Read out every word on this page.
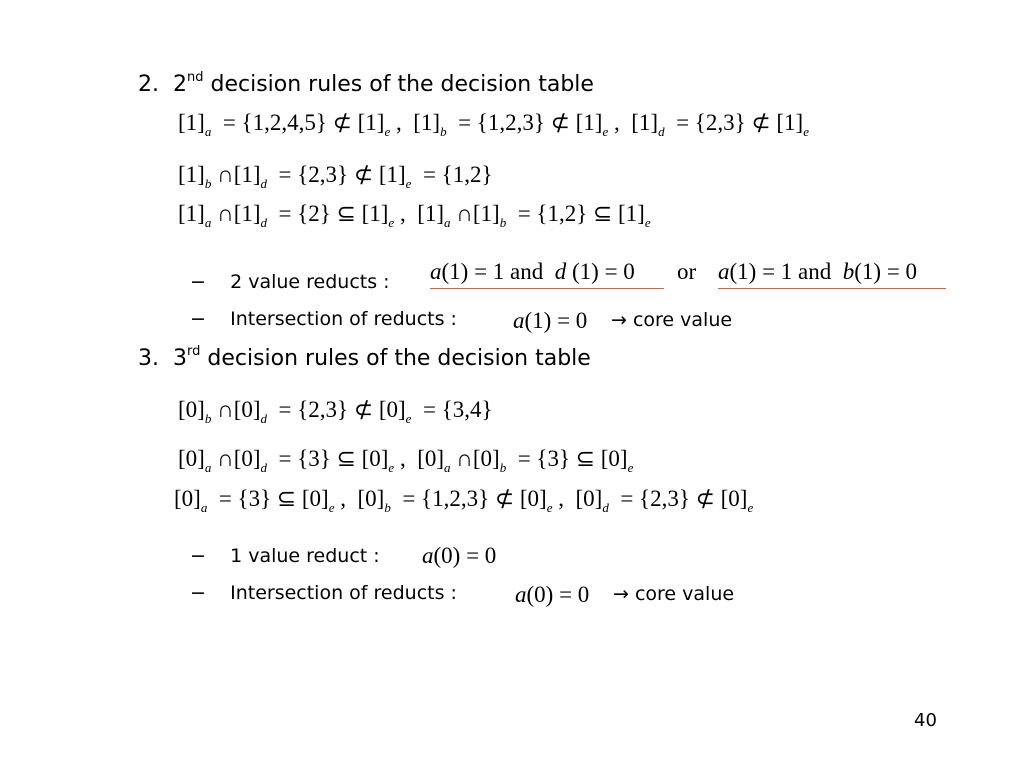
2. 2nd decision rules of the decision table
$[1]_a = \{1,2,4,5\}$ ⊄ $[1]_e$ ,  $[1]_b = \{1,2,3\}$ ⊄ $[1]_e$ ,  $[1]_d = \{2,3\}$ ⊄ $[1]_e$
$[1]_b$ $\cap[1]_d = \{2,3\}$ ⊄ $[1]_e = \{1,2\}$
$[1]_a$ $\cap[1]_d = \{2\}$ ⊆ $[1]_e$ ,  $[1]_a$ $\cap[1]_b = \{1,2\}$ ⊆ $[1]_e$
− 2 value reducts : a(1) = 1 and d (1) = 0	or a(1) = 1 and b(1) = 0
− Intersection of reducts : a(1) = 0 → core value
3. 3rd decision rules of the decision table
$[0]_b$ $\cap[0]_d = \{2,3\}$ ⊄ $[0]_e = \{3,4\}$
$[0]_a$ $\cap[0]_d = \{3\}$ ⊆ $[0]_e$ ,  $[0]_a$ $\cap[0]_b = \{3\}$ ⊆ $[0]_e$
$[0]_a = \{3\}$ ⊆ $[0]_e$ ,  $[0]_b = \{1,2,3\}$ ⊄ $[0]_e$ ,  $[0]_d = \{2,3\}$ ⊄ $[0]_e$
− 1 value reduct : a(0) = 0
− Intersection of reducts :	a(0) = 0 → core value
40
